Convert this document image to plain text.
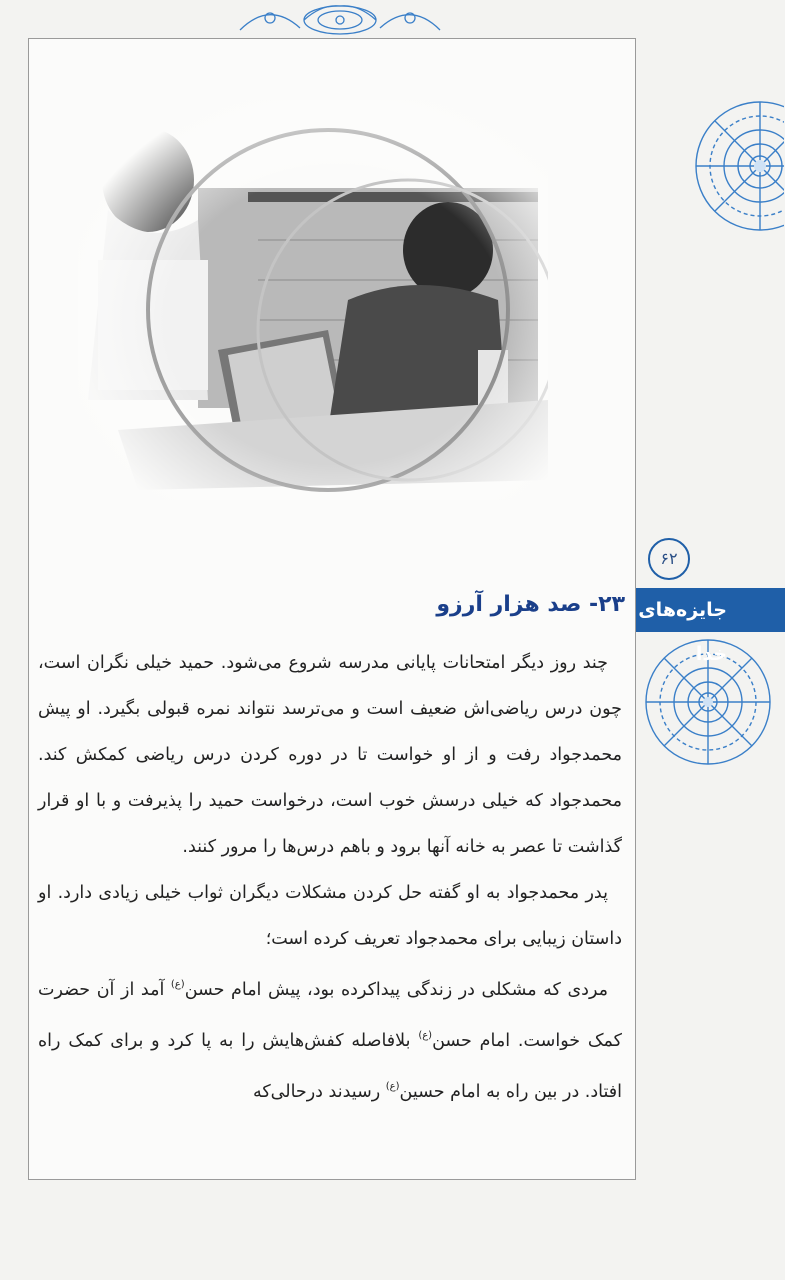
۶۲
جایزه‌های خدا
۲۳- صد هزار آرزو

چند روز دیگر امتحانات پایانی مدرسه شروع می‌شود. حمید خیلی نگران است، چون درس ریاضی‌اش ضعیف است و می‌ترسد نتواند نمره قبولی بگیرد. او پیش محمدجواد رفت و از او خواست تا در دوره کردن درس ریاضی کمکش کند. محمدجواد که خیلی درسش خوب است، درخواست حمید را پذیرفت و با او قرار گذاشت تا عصر به خانه آنها برود و باهم درس‌ها را مرور کنند.

پدر محمدجواد به او گفته حل کردن مشکلات دیگران ثواب خیلی زیادی دارد. او داستان زیبایی برای محمدجواد تعریف کرده است؛

مردی که مشکلی در زندگی پیداکرده بود، پیش امام حسن$^{(ع)}$ آمد از آن حضرت کمک خواست. امام حسن$^{(ع)}$ بلافاصله کفش‌هایش را به پا کرد و برای کمک راه افتاد. در بین راه به امام حسین$^{(ع)}$ رسیدند درحالی‌که
